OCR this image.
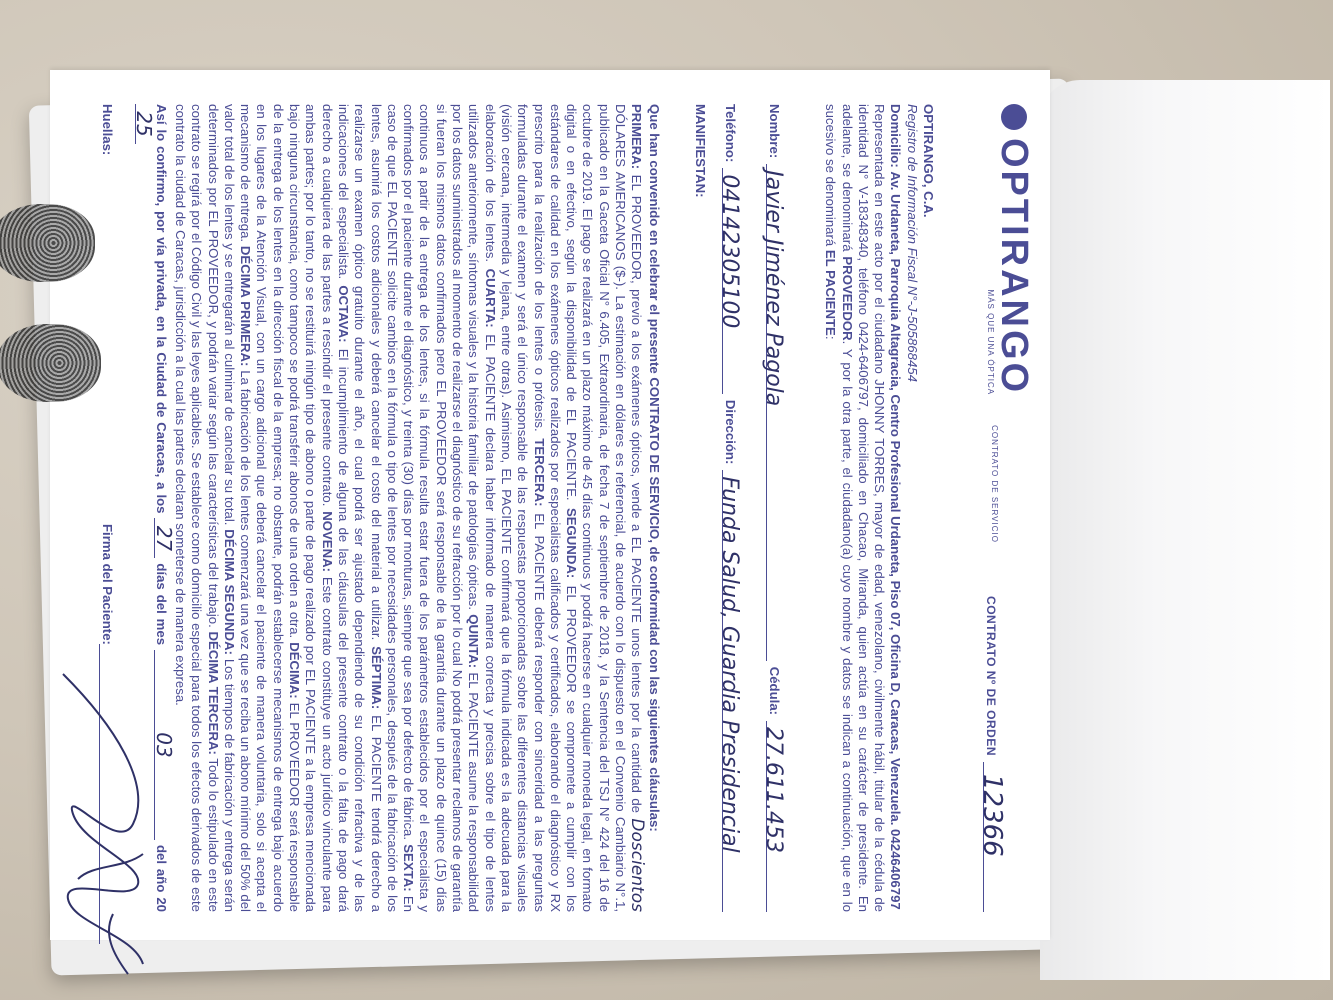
OPTIRANGO
MÁS QUE UNA ÓPTICA
CONTRATO DE SERVICIO
CONTRATO Nº DE ORDEN
12366
OPTIRANGO, C.A.
Registro de Información Fiscal N°-J-505868454
Domicilio: Av. Urdaneta, Parroquia Altagracia, Centro Profesional Urdaneta, Piso 07, Oficina D, Caracas, Venezuela. 04246406797
Representada en este acto por el ciudadano JHONNY TORRES, mayor de edad, venezolano, civilmente hábil, titular de la cédula de identidad N° V-18348340, teléfono 0424-6406797, domiciliado en Chacao, Miranda, quien actúa en su carácter de presidente. En adelante, se denominará PROVEEDOR. Y por la otra parte, el ciudadano(a) cuyo nombre y datos se indican a continuación, que en lo sucesivo se denominará EL PACIENTE:
Nombre:
Javier Jiménez Pagola
Cédula:
27.611.453
Teléfono:
04142305100
Dirección:
Funda Salud, Guardia Presidencial
MANIFIESTAN:
Que han convenido en celebrar el presente CONTRATO DE SERVICIO, de conformidad con las siguientes cláusulas:
PRIMERA: EL PROVEEDOR, previo a los exámenes ópticos, vende a EL PACIENTE unos lentes por la cantidad de Doscientos DÓLARES AMERICANOS ($-). La estimación en dólares es referencial, de acuerdo con lo dispuesto en el Convenio Cambiario N°.1, publicado en la Gaceta Oficial N° 6.405, Extraordinaria, de fecha 7 de septiembre de 2018, y la Sentencia del TSJ N° 424 del 16 de octubre de 2019. El pago se realizará en un plazo máximo de 45 días continuos y podrá hacerse en cualquier moneda legal, en formato digital o en efectivo, según la disponibilidad de EL PACIENTE. SEGUNDA: EL PROVEEDOR se compromete a cumplir con los estándares de calidad en los exámenes ópticos realizados por especialistas calificados y certificados, elaborando el diagnóstico y RX prescrito para la realización de los lentes o prótesis. TERCERA: EL PACIENTE deberá responder con sinceridad a las preguntas formuladas durante el examen y será el único responsable de las respuestas proporcionadas sobre las diferentes distancias visuales (visión cercana, intermedia y lejana, entre otras). Asimismo, EL PACIENTE confirmará que la fórmula indicada es la adecuada para la elaboración de los lentes. CUARTA: EL PACIENTE declara haber informado de manera correcta y precisa sobre el tipo de lentes utilizados anteriormente, síntomas visuales y la historia familiar de patologías ópticas. QUINTA: EL PACIENTE asume la responsabilidad por los datos suministrados al momento de realizarse el diagnóstico de su refracción por lo cual No podrá presentar reclamos de garantía si fueran los mismos datos confirmados pero EL PROVEEDOR será responsable de la garantía durante un plazo de quince (15) días continuos a partir de la entrega de los lentes, si la fórmula resulta estar fuera de los parámetros establecidos por el especialista y confirmados por el paciente durante el diagnóstico, y treinta (30) días por monturas, siempre que sea por defecto de fábrica. SEXTA: En caso de que EL PACIENTE solicite cambios en la fórmula o tipo de lentes por necesidades personales, después de la fabricación de los lentes, asumirá los costos adicionales y deberá cancelar el costo del material a utilizar. SÉPTIMA: EL PACIENTE tendrá derecho a realizarse un examen óptico gratuito durante el año, el cual podrá ser ajustado dependiendo de su condición refractiva y de las indicaciones del especialista. OCTAVA: El incumplimiento de alguna de las cláusulas del presente contrato o la falta de pago dará derecho a cualquiera de las partes a rescindir el presente contrato. NOVENA: Este contrato constituye un acto jurídico vinculante para ambas partes; por lo tanto, no se restituirá ningún tipo de abono o parte de pago realizado por EL PACIENTE a la empresa mencionada bajo ninguna circunstancia, como tampoco se podrá transferir abonos de una orden a otra. DÉCIMA: EL PROVEEDOR será responsable de la entrega de los lentes en la dirección fiscal de la empresa; no obstante, podrán establecerse mecanismos de entrega bajo acuerdo en los lugares de la Atención Visual, con un cargo adicional que deberá cancelar el paciente de manera voluntaria, solo si acepta el mecanismo de entrega. DÉCIMA PRIMERA: La fabricación de los lentes comenzará una vez que se reciba un abono mínimo del 50% del valor total de los lentes y se entregarán al culminar de cancelar su total. DÉCIMA SEGUNDA: Los tiempos de fabricación y entrega serán determinados por EL PROVEEDOR, y podrán variar según las características del trabajo. DÉCIMA TERCERA: Todo lo estipulado en este contrato se regirá por el Código Civil y las leyes aplicables. Se establece como domicilio especial para todos los efectos derivados de este contrato la ciudad de Caracas, jurisdicción a la cual las partes declaran someterse de manera expresa.
Así lo confirmo, por vía privada, en la Ciudad de Caracas, a los 27 días del mes 03 del año 2025
Huellas:
Firma del Paciente:
